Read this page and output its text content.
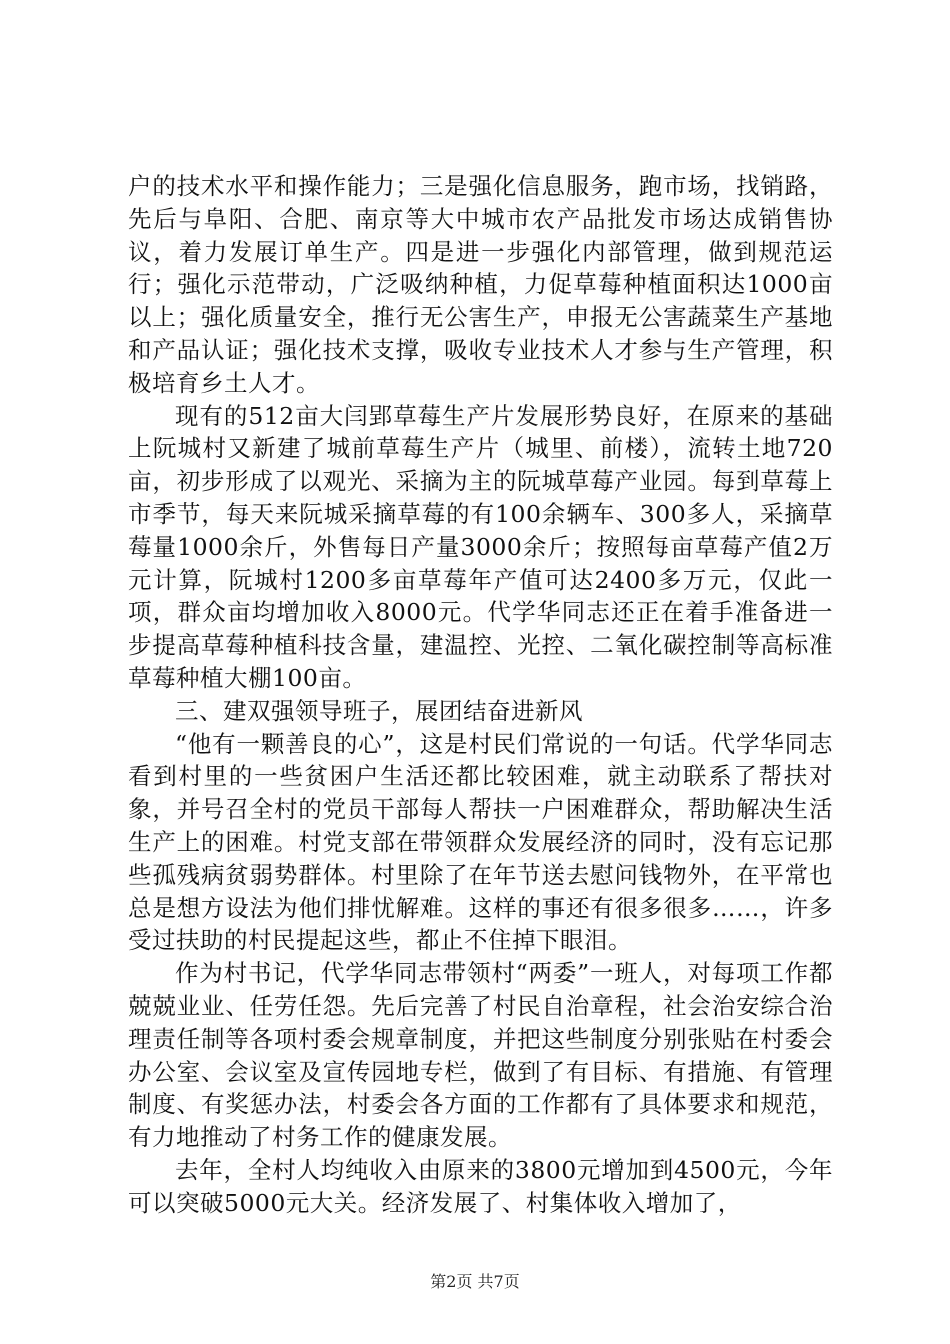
户的技术水平和操作能力；三是强化信息服务，跑市场，找销路，先后与阜阳、合肥、南京等大中城市农产品批发市场达成销售协议，着力发展订单生产。四是进一步强化内部管理，做到规范运行；强化示范带动，广泛吸纳种植，力促草莓种植面积达1000亩以上；强化质量安全，推行无公害生产，申报无公害蔬菜生产基地和产品认证；强化技术支撑，吸收专业技术人才参与生产管理，积极培育乡土人才。

现有的512亩大闫郢草莓生产片发展形势良好，在原来的基础上阮城村又新建了城前草莓生产片（城里、前楼），流转土地720亩，初步形成了以观光、采摘为主的阮城草莓产业园。每到草莓上市季节，每天来阮城采摘草莓的有100余辆车、300多人，采摘草莓量1000余斤，外售每日产量3000余斤；按照每亩草莓产值2万元计算，阮城村1200多亩草莓年产值可达2400多万元，仅此一项，群众亩均增加收入8000元。代学华同志还正在着手准备进一步提高草莓种植科技含量，建温控、光控、二氧化碳控制等高标准草莓种植大棚100亩。

三、建双强领导班子，展团结奋进新风

“他有一颗善良的心”，这是村民们常说的一句话。代学华同志看到村里的一些贫困户生活还都比较困难，就主动联系了帮扶对象，并号召全村的党员干部每人帮扶一户困难群众，帮助解决生活生产上的困难。村党支部在带领群众发展经济的同时，没有忘记那些孤残病贫弱势群体。村里除了在年节送去慰问钱物外，在平常也总是想方设法为他们排忧解难。这样的事还有很多很多……，许多受过扶助的村民提起这些，都止不住掉下眼泪。

作为村书记，代学华同志带领村“两委”一班人，对每项工作都兢兢业业、任劳任怨。先后完善了村民自治章程，社会治安综合治理责任制等各项村委会规章制度，并把这些制度分别张贴在村委会办公室、会议室及宣传园地专栏，做到了有目标、有措施、有管理制度、有奖惩办法，村委会各方面的工作都有了具体要求和规范，有力地推动了村务工作的健康发展。

去年，全村人均纯收入由原来的3800元增加到4500元，今年可以突破5000元大关。经济发展了、村集体收入增加了，

第2页 共7页
